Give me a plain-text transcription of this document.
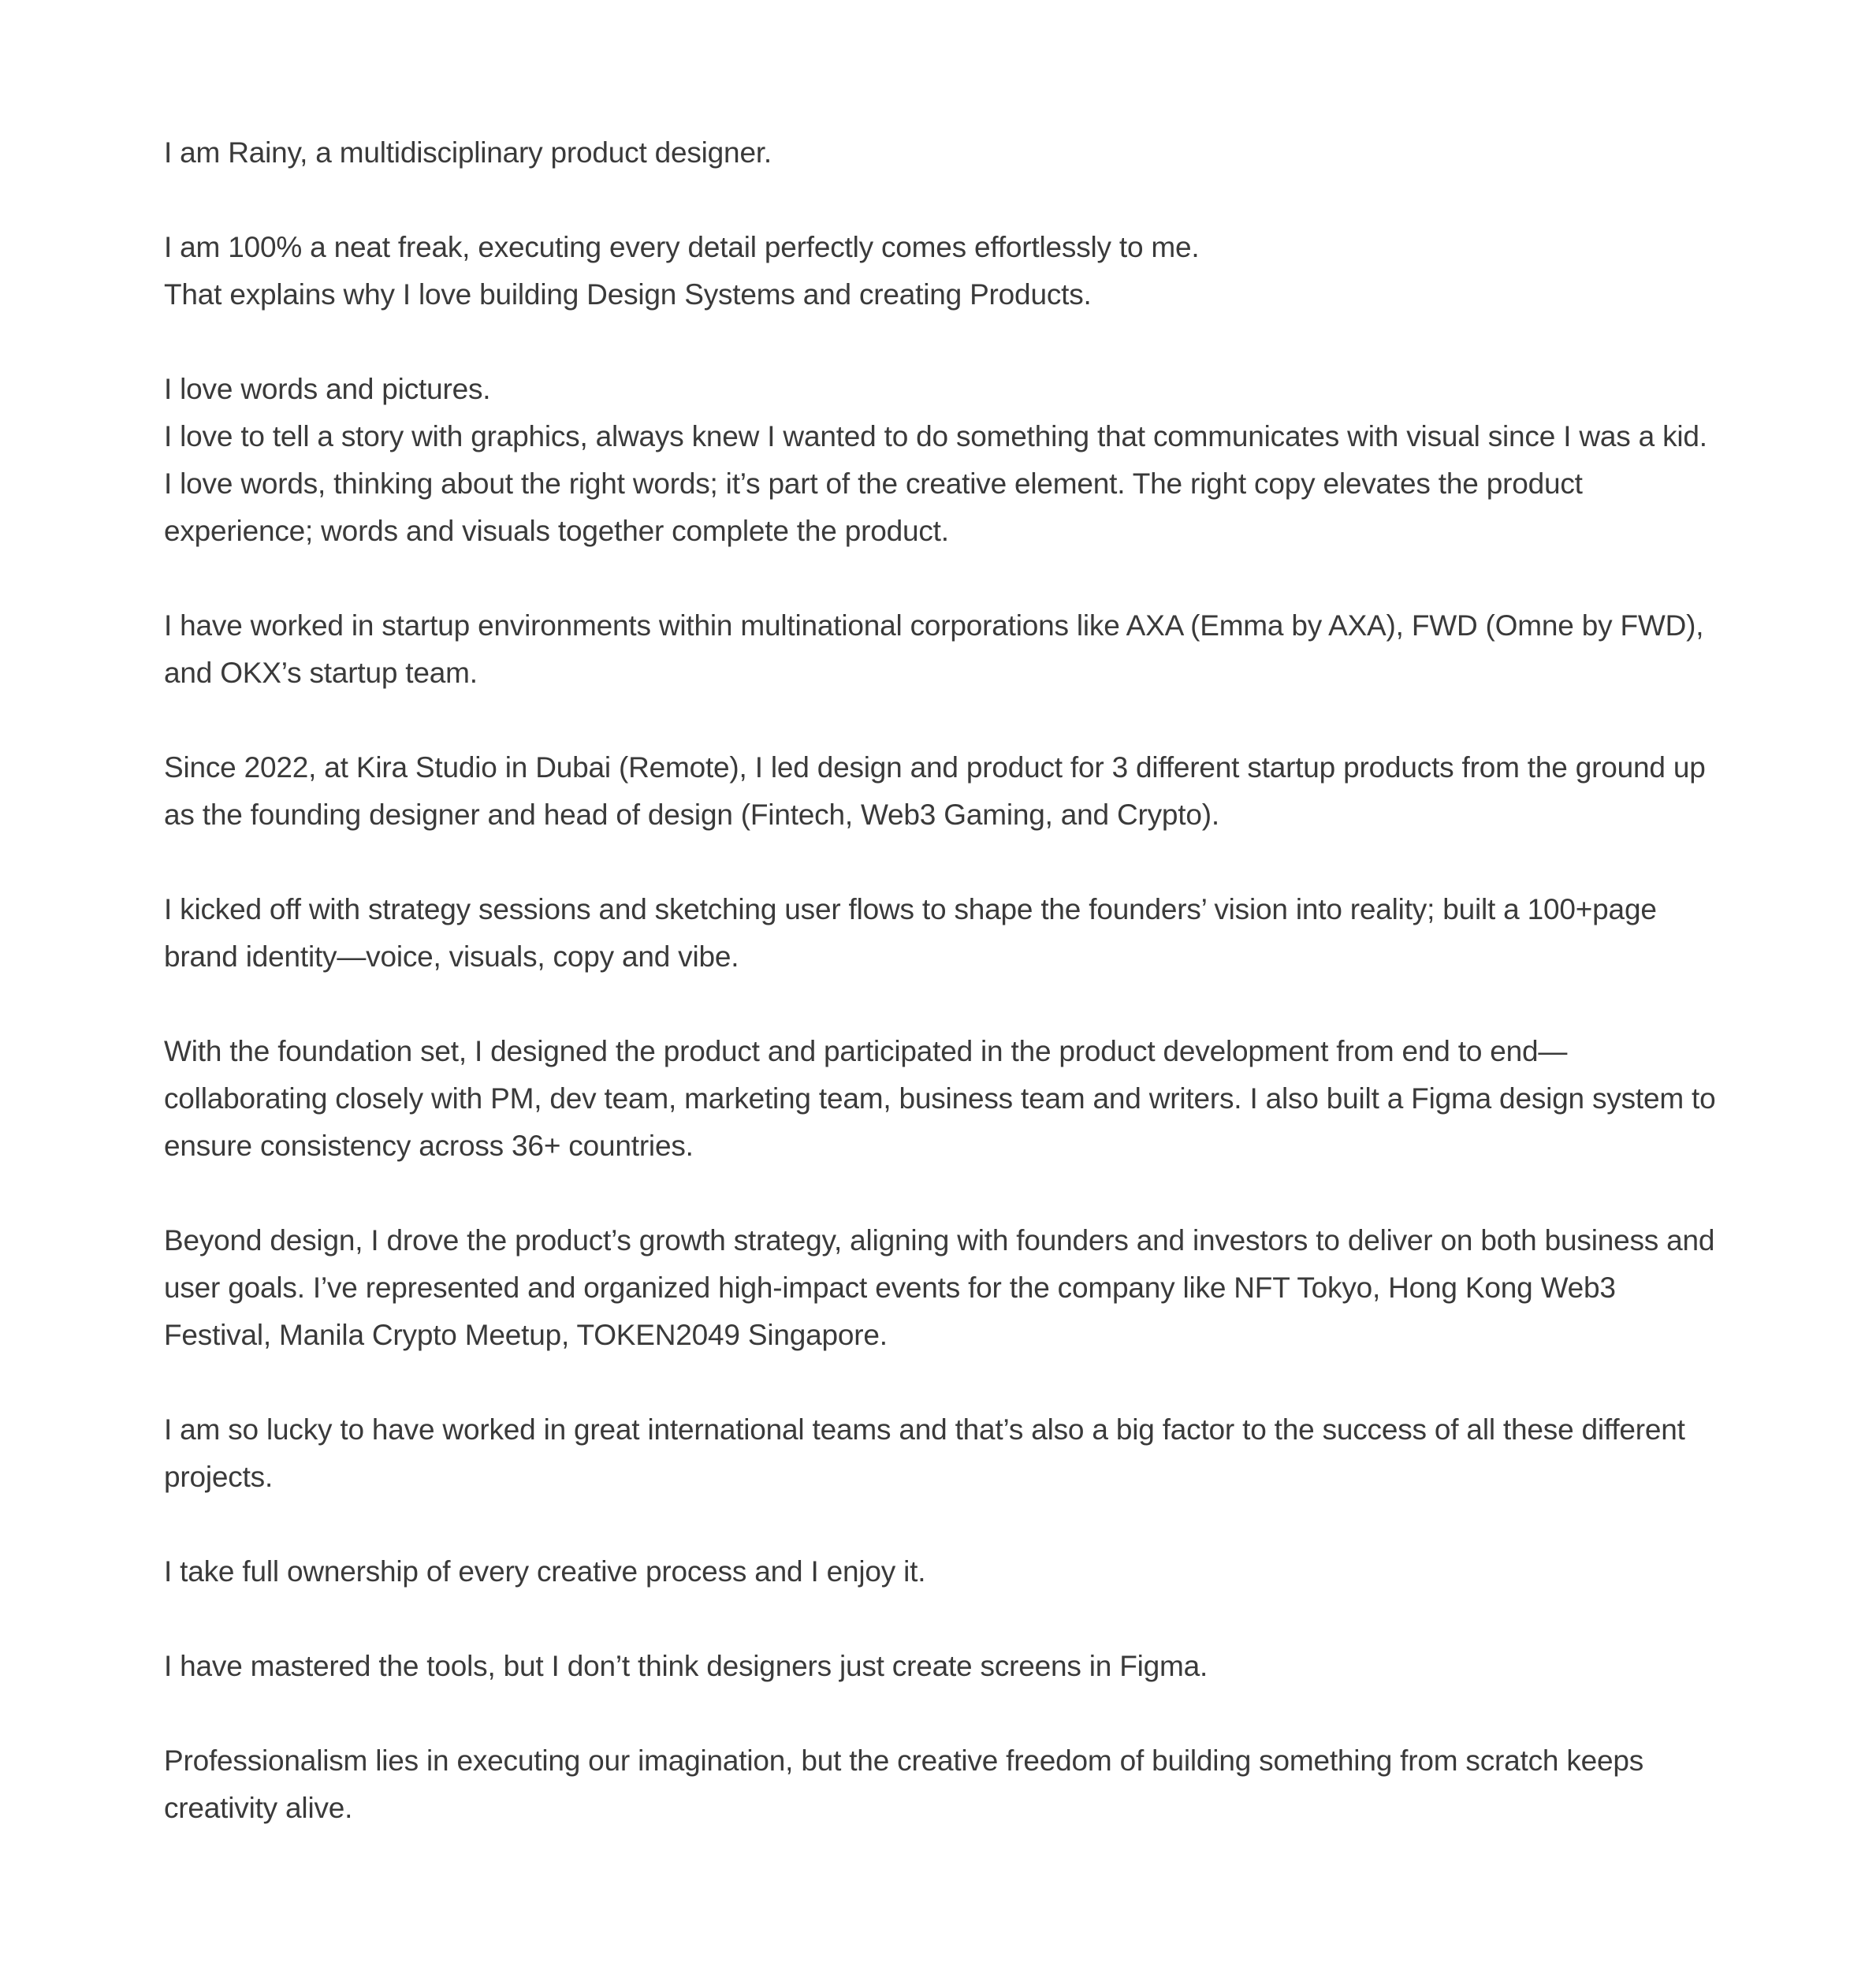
I am Rainy, a multidisciplinary product designer.

I am 100% a neat freak, executing every detail perfectly comes effortlessly to me.
That explains why I love building Design Systems and creating Products.

I love words and pictures.
I love to tell a story with graphics, always knew I wanted to do something that communicates with visual since I was a kid. I love words, thinking about the right words; it’s part of the creative element. The right copy elevates the product experience; words and visuals together complete the product.

I have worked in startup environments within multinational corporations like AXA (Emma by AXA), FWD (Omne by FWD), and OKX’s startup team.

Since 2022, at Kira Studio in Dubai (Remote), I led design and product for 3 different startup products from the ground up as the founding designer and head of design (Fintech, Web3 Gaming, and Crypto).

I kicked off with strategy sessions and sketching user flows to shape the founders’ vision into reality; built a 100+page brand identity—voice, visuals, copy and vibe.

With the foundation set, I designed the product and participated in the product development from end to end—collaborating closely with PM, dev team, marketing team, business team and writers. I also built a Figma design system to ensure consistency across 36+ countries.

Beyond design, I drove the product’s growth strategy, aligning with founders and investors to deliver on both business and user goals. I’ve represented and organized high-impact events for the company like NFT Tokyo, Hong Kong Web3 Festival, Manila Crypto Meetup, TOKEN2049 Singapore.

I am so lucky to have worked in great international teams and that’s also a big factor to the success of all these different projects.

I take full ownership of every creative process and I enjoy it.

I have mastered the tools, but I don’t think designers just create screens in Figma.

Professionalism lies in executing our imagination, but the creative freedom of building something from scratch keeps creativity alive.
